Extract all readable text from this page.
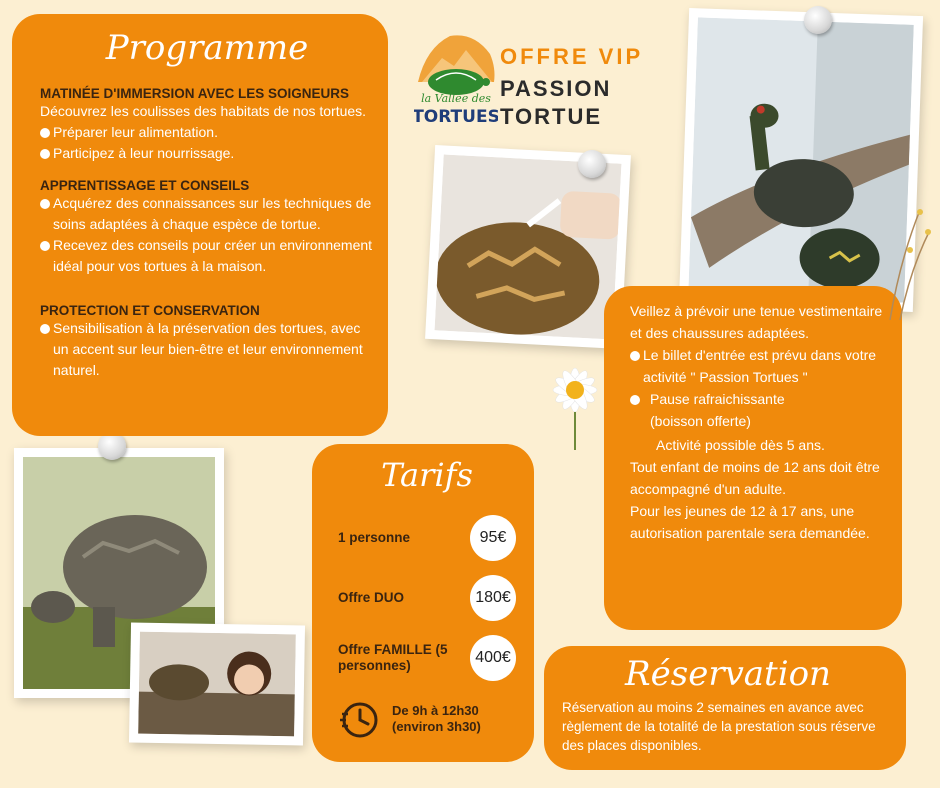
la Vallée des
TORTUES
OFFRE VIP
PASSION
TORTUE
Programme
MATINÉE D'IMMERSION AVEC LES SOIGNEURS
Découvrez les coulisses des habitats de nos tortues.
Préparer leur alimentation.
Participez à leur nourrissage.
APPRENTISSAGE ET CONSEILS
Acquérez des connaissances sur les techniques de soins adaptées à chaque espèce de tortue.
Recevez des conseils pour créer un environnement idéal pour vos tortues à la maison.
PROTECTION ET CONSERVATION
Sensibilisation à la préservation des tortues, avec un accent sur leur bien-être et leur environnement naturel.
Tarifs
1 personne	95€
Offre DUO	180€
Offre FAMILLE (5 personnes)	400€
De 9h à 12h30 (environ 3h30)
Veillez à prévoir une tenue vestimentaire et des chaussures adaptées.
Le billet d'entrée est prévu dans votre activité " Passion Tortues "
Pause rafraichissante (boisson offerte)
Activité possible dès 5 ans.
Tout enfant de moins de 12 ans doit être accompagné d'un adulte.
Pour les jeunes de 12 à 17 ans, une autorisation parentale sera demandée.
Réservation
Réservation au moins 2 semaines en avance avec règlement de la totalité de la prestation sous réserve des places disponibles.
